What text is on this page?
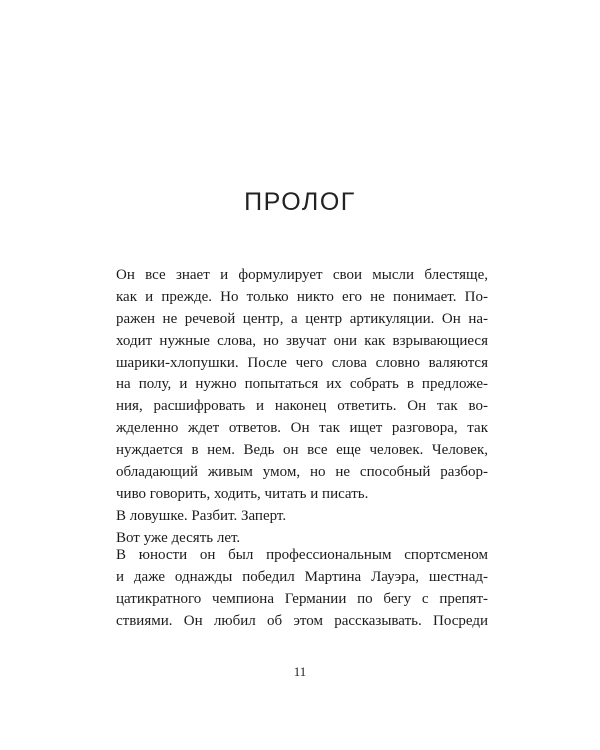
ПРОЛОГ
Он все знает и формулирует свои мысли блестяще,
как и прежде. Но только никто его не понимает. По-
ражен не речевой центр, а центр артикуляции. Он на-
ходит нужные слова, но звучат они как взрывающиеся
шарики-хлопушки. После чего слова словно валяются
на полу, и нужно попытаться их собрать в предложе-
ния, расшифровать и наконец ответить. Он так во-
жделенно ждет ответов. Он так ищет разговора, так
нуждается в нем. Ведь он все еще человек. Человек,
обладающий живым умом, но не способный разбор-
чиво говорить, ходить, читать и писать.
В ловушке. Разбит. Заперт.
Вот уже десять лет.
В юности он был профессиональным спортсменом
и даже однажды победил Мартина Лауэра, шестнад-
цатикратного чемпиона Германии по бегу с препят-
ствиями. Он любил об этом рассказывать. Посреди
11
